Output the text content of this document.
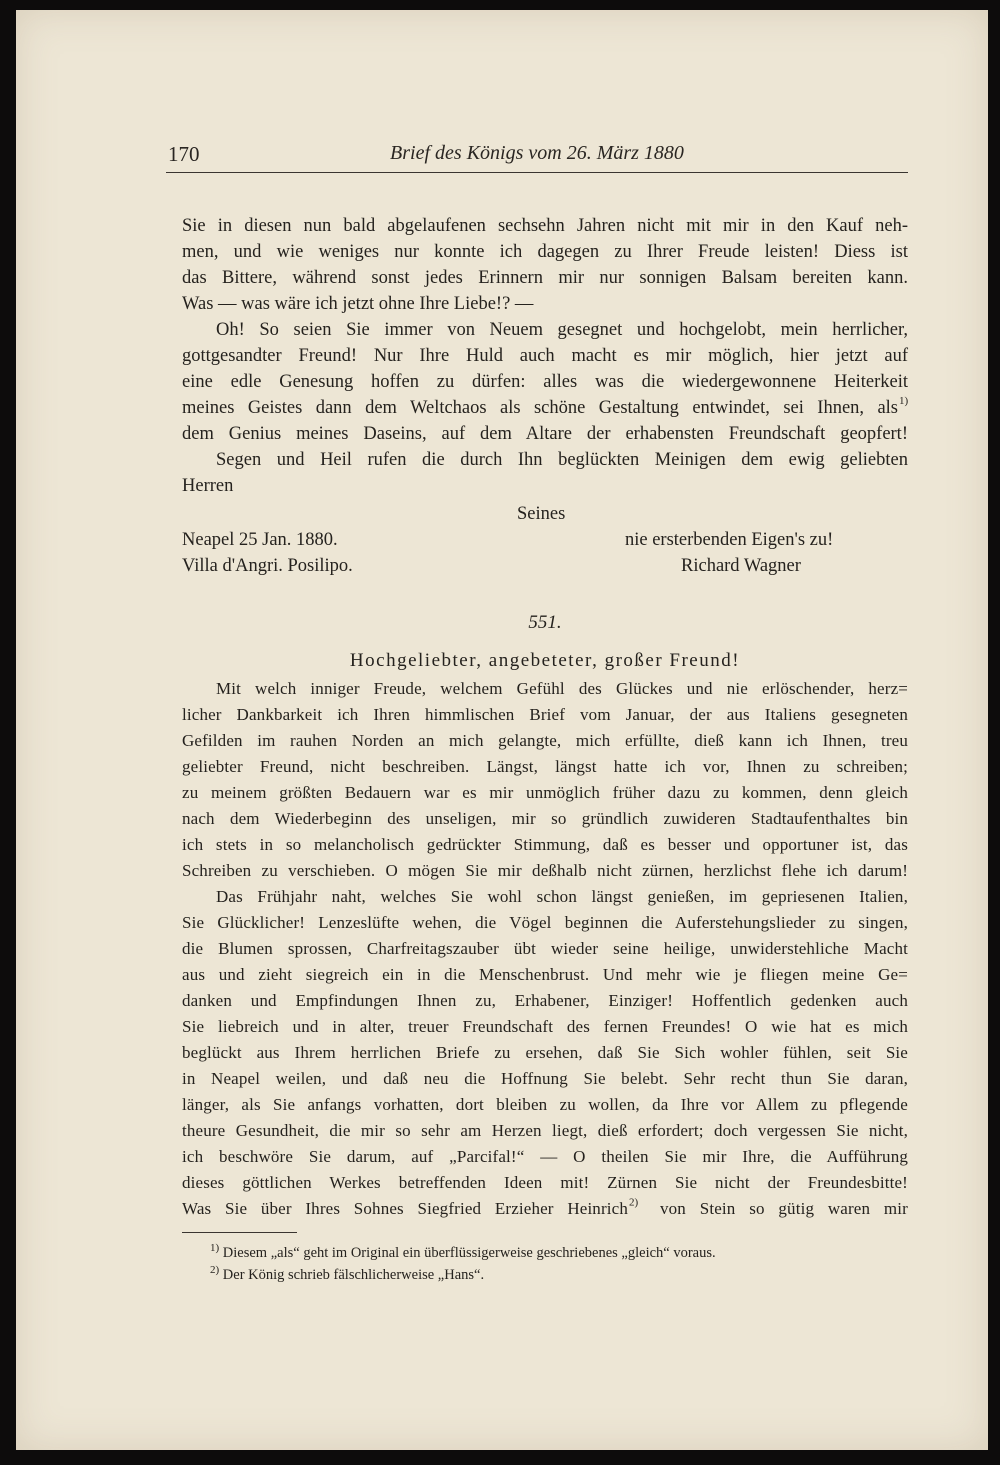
170	Brief des Königs vom 26. März 1880
Sie in diesen nun bald abgelaufenen sechsehn Jahren nicht mit mir in den Kauf neh-
men, und wie weniges nur konnte ich dagegen zu Ihrer Freude leisten! Diess ist
das Bittere, während sonst jedes Erinnern mir nur sonnigen Balsam bereiten kann.
Was — was wäre ich jetzt ohne Ihre Liebe!? —
Oh! So seien Sie immer von Neuem gesegnet und hochgelobt, mein herrlicher,
gottgesandter Freund! Nur Ihre Huld auch macht es mir möglich, hier jetzt auf
eine edle Genesung hoffen zu dürfen: alles was die wiedergewonnene Heiterkeit
meines Geistes dann dem Weltchaos als schöne Gestaltung entwindet, sei Ihnen, als $^{1)}$
dem Genius meines Daseins, auf dem Altare der erhabensten Freundschaft geopfert!
Segen und Heil rufen die durch Ihn beglückten Meinigen dem ewig geliebten
Herren
Seines
Neapel 25 Jan. 1880.	nie ersterbenden Eigen's zu!
Villa d'Angri. Posilipo.	Richard Wagner
551.
Hochgeliebter, angebeteter, großer Freund!
Mit welch inniger Freude, welchem Gefühl des Glückes und nie erlöschender, herz=
licher Dankbarkeit ich Ihren himmlischen Brief vom Januar, der aus Italiens gesegneten
Gefilden im rauhen Norden an mich gelangte, mich erfüllte, dieß kann ich Ihnen, treu
geliebter Freund, nicht beschreiben. Längst, längst hatte ich vor, Ihnen zu schreiben;
zu meinem größten Bedauern war es mir unmöglich früher dazu zu kommen, denn gleich
nach dem Wiederbeginn des unseligen, mir so gründlich zuwideren Stadtaufenthaltes bin
ich stets in so melancholisch gedrückter Stimmung, daß es besser und opportuner ist, das
Schreiben zu verschieben. O mögen Sie mir deßhalb nicht zürnen, herzlichst flehe ich darum!
Das Frühjahr naht, welches Sie wohl schon längst genießen, im gepriesenen Italien,
Sie Glücklicher! Lenzeslüfte wehen, die Vögel beginnen die Auferstehungslieder zu singen,
die Blumen sprossen, Charfreitagszauber übt wieder seine heilige, unwiderstehliche Macht
aus und zieht siegreich ein in die Menschenbrust. Und mehr wie je fliegen meine Ge=
danken und Empfindungen Ihnen zu, Erhabener, Einziger! Hoffentlich gedenken auch
Sie liebreich und in alter, treuer Freundschaft des fernen Freundes! O wie hat es mich
beglückt aus Ihrem herrlichen Briefe zu ersehen, daß Sie Sich wohler fühlen, seit Sie
in Neapel weilen, und daß neu die Hoffnung Sie belebt. Sehr recht thun Sie daran,
länger, als Sie anfangs vorhatten, dort bleiben zu wollen, da Ihre vor Allem zu pflegende
theure Gesundheit, die mir so sehr am Herzen liegt, dieß erfordert; doch vergessen Sie nicht,
ich beschwöre Sie darum, auf „Parcifal!“ — O theilen Sie mir Ihre, die Aufführung
dieses göttlichen Werkes betreffenden Ideen mit! Zürnen Sie nicht der Freundesbitte!
Was Sie über Ihres Sohnes Siegfried Erzieher Heinrich $^{2)}$ von Stein so gütig waren mir
$^{1)}$ Diesem „als“ geht im Original ein überflüssigerweise geschriebenes „gleich“ voraus.
$^{2)}$ Der König schrieb fälschlicherweise „Hans“.
